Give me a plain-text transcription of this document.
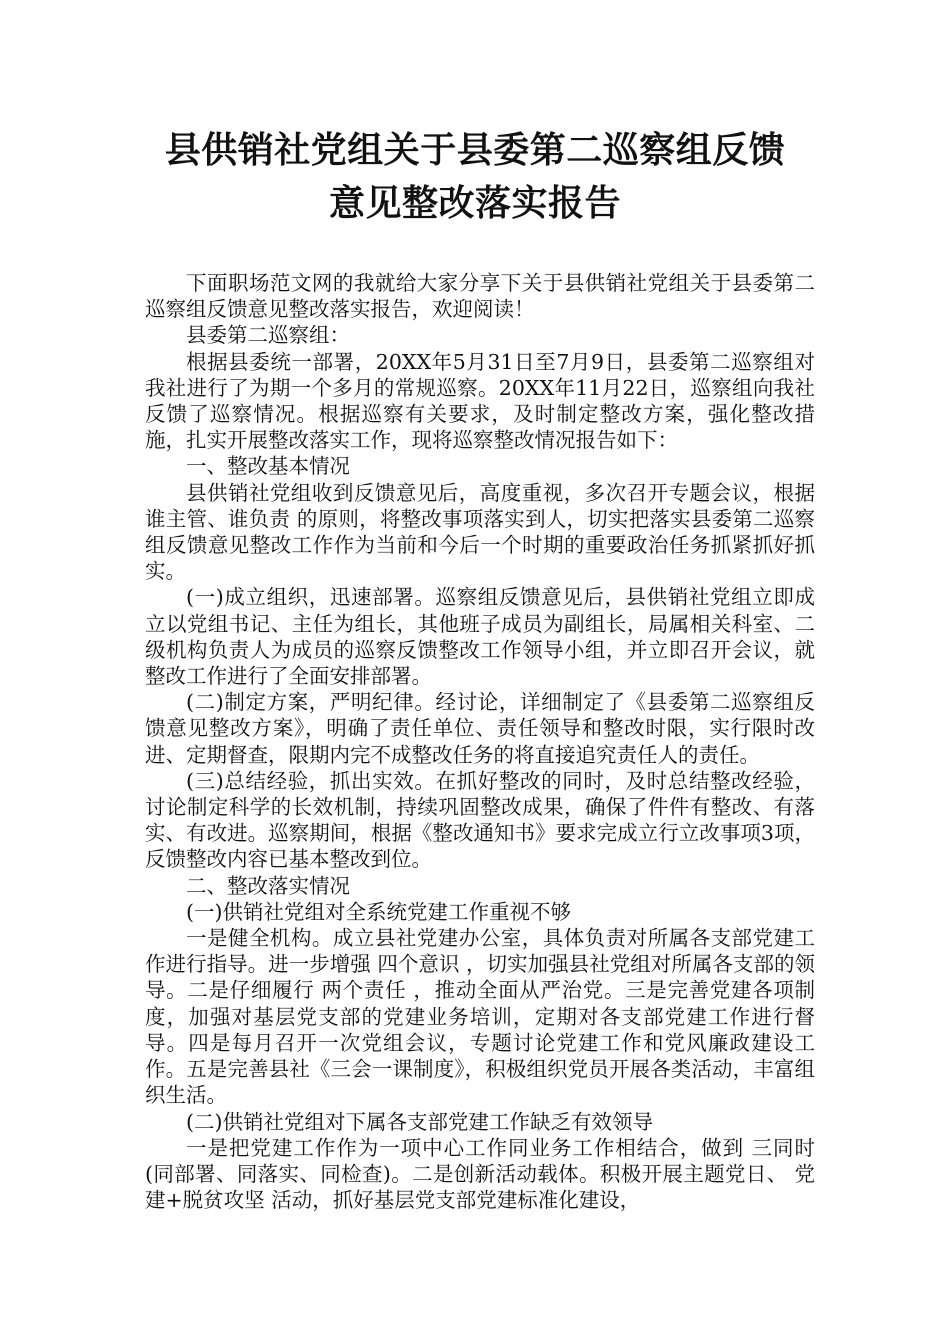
县供销社党组关于县委第二巡察组反馈
意见整改落实报告

下面职场范文网的我就给大家分享下关于县供销社党组关于县委第二巡察组反馈意见整改落实报告，欢迎阅读！

县委第二巡察组：

根据县委统一部署，20XX年5月31日至7月9日，县委第二巡察组对我社进行了为期一个多月的常规巡察。20XX年11月22日，巡察组向我社反馈了巡察情况。根据巡察有关要求，及时制定整改方案，强化整改措施，扎实开展整改落实工作，现将巡察整改情况报告如下：

一、整改基本情况

县供销社党组收到反馈意见后，高度重视，多次召开专题会议，根据 谁主管、谁负责 的原则，将整改事项落实到人，切实把落实县委第二巡察组反馈意见整改工作作为当前和今后一个时期的重要政治任务抓紧抓好抓实。

(一)成立组织，迅速部署。巡察组反馈意见后，县供销社党组立即成立以党组书记、主任为组长，其他班子成员为副组长，局属相关科室、二级机构负责人为成员的巡察反馈整改工作领导小组，并立即召开会议，就整改工作进行了全面安排部署。

(二)制定方案，严明纪律。经讨论，详细制定了《县委第二巡察组反馈意见整改方案》，明确了责任单位、责任领导和整改时限，实行限时改进、定期督查，限期内完不成整改任务的将直接追究责任人的责任。

(三)总结经验，抓出实效。在抓好整改的同时，及时总结整改经验，讨论制定科学的长效机制，持续巩固整改成果，确保了件件有整改、有落实、有改进。巡察期间，根据《整改通知书》要求完成立行立改事项3项，反馈整改内容已基本整改到位。

二、整改落实情况

(一)供销社党组对全系统党建工作重视不够

一是健全机构。成立县社党建办公室，具体负责对所属各支部党建工作进行指导。进一步增强 四个意识 ，切实加强县社党组对所属各支部的领导。二是仔细履行 两个责任 ，推动全面从严治党。三是完善党建各项制度，加强对基层党支部的党建业务培训，定期对各支部党建工作进行督导。四是每月召开一次党组会议，专题讨论党建工作和党风廉政建设工作。五是完善县社《三会一课制度》，积极组织党员开展各类活动，丰富组织生活。

(二)供销社党组对下属各支部党建工作缺乏有效领导

一是把党建工作作为一项中心工作同业务工作相结合，做到 三同时 (同部署、同落实、同检查)。二是创新活动载体。积极开展主题党日、 党建+脱贫攻坚 活动，抓好基层党支部党建标准化建设，
